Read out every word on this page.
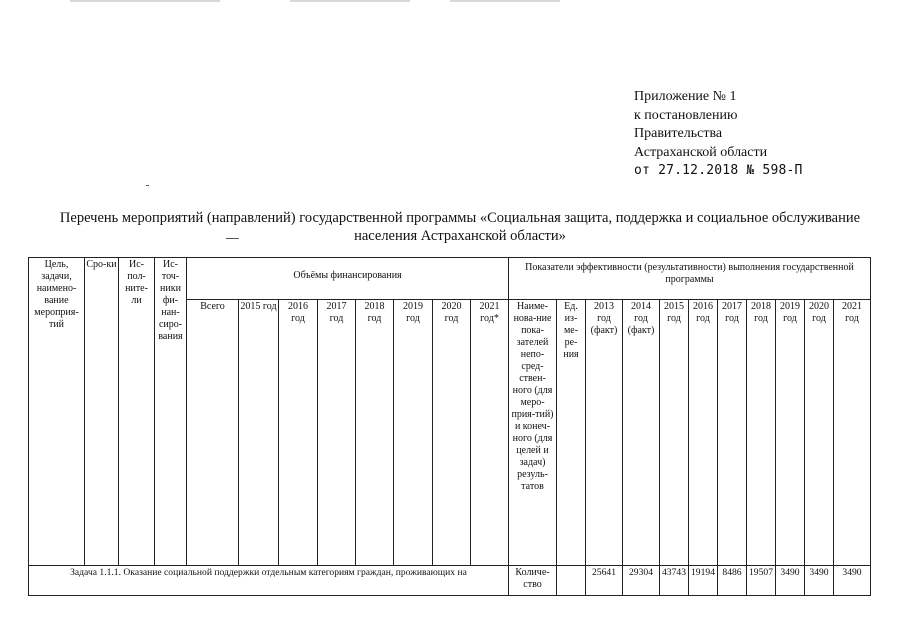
Приложение № 1
к постановлению
Правительства
Астраханской области
от 27.12.2018 № 598-П
Перечень мероприятий (направлений) государственной программы «Социальная защита, поддержка и социальное обслуживание
населения Астраханской области»
Цель, задачи, наимено-вание мероприя-тий	Сро-ки	Ис-пол-ните-ли	Ис-точ-ники фи-нан-сиро-вания	Объёмы финансирования								Показатели эффективности (результативности) выполнения государственной программы										
				Всего	2015 год	2016 год	2017 год	2018 год	2019 год	2020 год	2021 год*	Наиме-нова-ние пока-зателей непо-сред-ствен-ного (для меро-прия-тий) и конеч-ного (для целей и задач) резуль-татов	Ед. из-ме-ре-ния	2013 год (факт)	2014 год (факт)	2015 год	2016 год	2017 год	2018 год	2019 год	2020 год	2021 год
Задача 1.1.1. Оказание социальной поддержки отдельным категориям граждан, проживающих на												Количе-ство		25641	29304	43743	19194	8486	19507	3490	3490	3490
